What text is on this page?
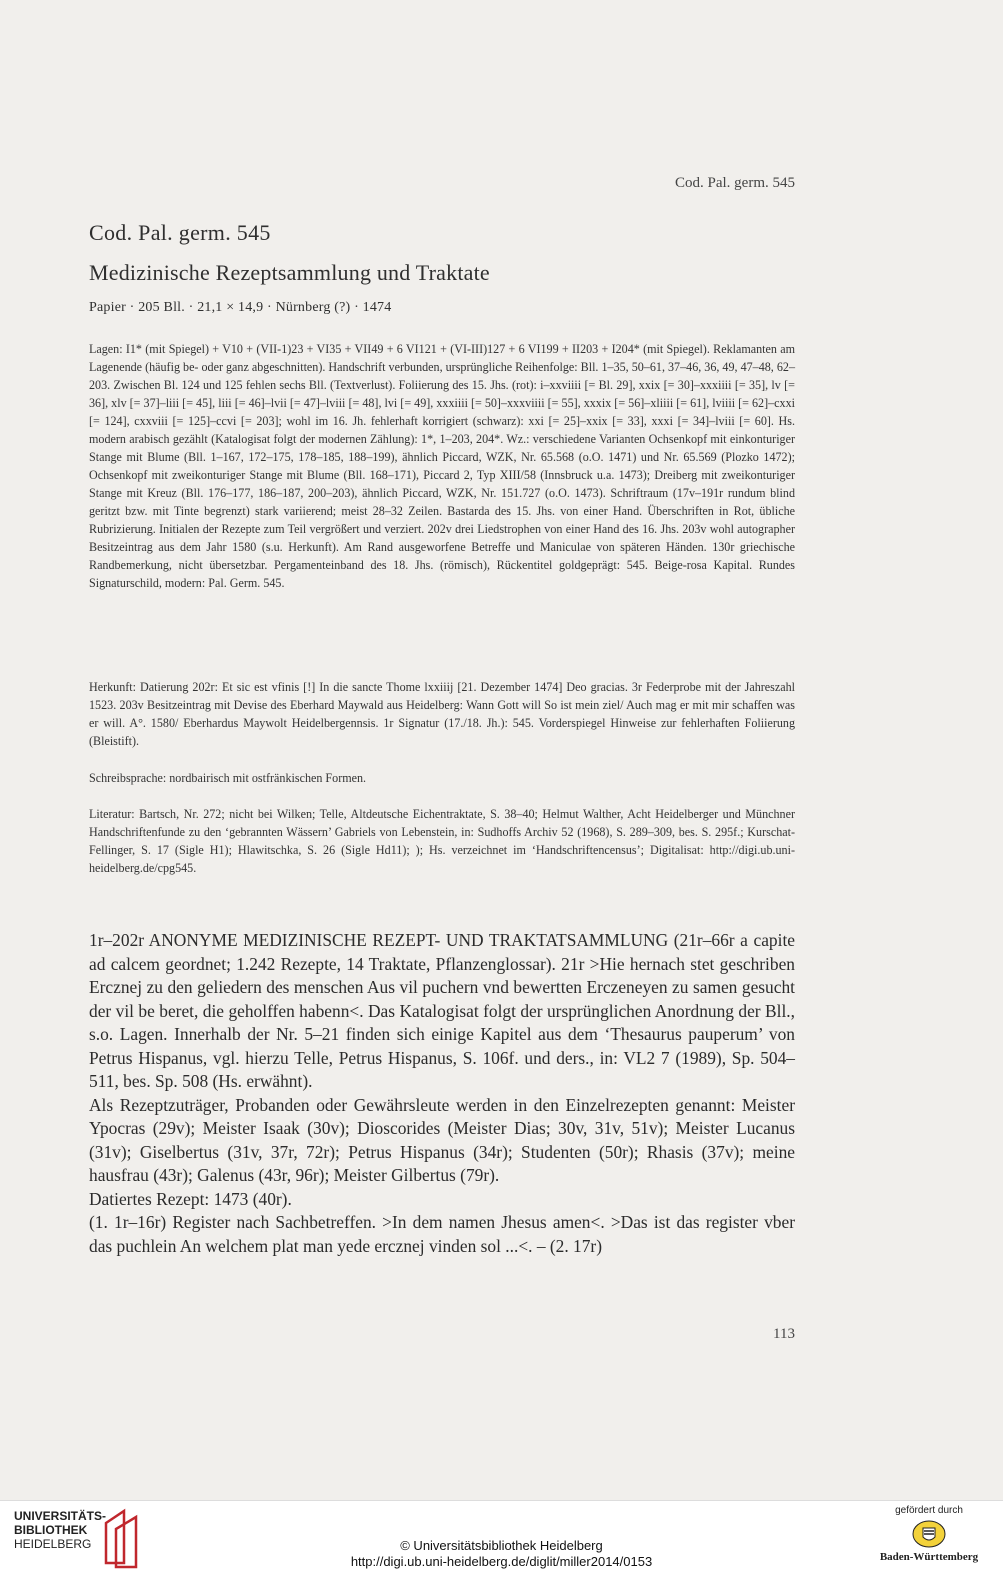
Cod. Pal. germ. 545
Cod. Pal. germ. 545
Medizinische Rezeptsammlung und Traktate
Papier · 205 Bll. · 21,1 × 14,9 · Nürnberg (?) · 1474
Lagen: I1* (mit Spiegel) + V10 + (VII-1)23 + VI35 + VII49 + 6 VI121 + (VI-III)127 + 6 VI199 + II203 + I204* (mit Spiegel). Reklamanten am Lagenende (häufig be- oder ganz abgeschnitten). Handschrift verbunden, ursprüngliche Reihenfolge: Bll. 1–35, 50–61, 37–46, 36, 49, 47–48, 62–203. Zwischen Bl. 124 und 125 fehlen sechs Bll. (Textverlust). Foliierung des 15. Jhs. (rot): i–xxviiii [= Bl. 29], xxix [= 30]–xxxiiii [= 35], lv [= 36], xlv [= 37]–liii [= 45], liii [= 46]–lvii [= 47]–lviii [= 48], lvi [= 49], xxxiiii [= 50]–xxxviiii [= 55], xxxix [= 56]–xliiii [= 61], lviiii [= 62]–cxxi [= 124], cxxviii [= 125]–ccvi [= 203]; wohl im 16. Jh. fehlerhaft korrigiert (schwarz): xxi [= 25]–xxix [= 33], xxxi [= 34]–lviii [= 60]. Hs. modern arabisch gezählt (Katalogisat folgt der modernen Zählung): 1*, 1–203, 204*. Wz.: verschiedene Varianten Ochsenkopf mit einkonturiger Stange mit Blume (Bll. 1–167, 172–175, 178–185, 188–199), ähnlich Piccard, WZK, Nr. 65.568 (o.O. 1471) und Nr. 65.569 (Plozko 1472); Ochsenkopf mit zweikonturiger Stange mit Blume (Bll. 168–171), Piccard 2, Typ XIII/58 (Innsbruck u.a. 1473); Dreiberg mit zweikonturiger Stange mit Kreuz (Bll. 176–177, 186–187, 200–203), ähnlich Piccard, WZK, Nr. 151.727 (o.O. 1473). Schriftraum (17v–191r rundum blind geritzt bzw. mit Tinte begrenzt) stark variierend; meist 28–32 Zeilen. Bastarda des 15. Jhs. von einer Hand. Überschriften in Rot, übliche Rubrizierung. Initialen der Rezepte zum Teil vergrößert und verziert. 202v drei Liedstrophen von einer Hand des 16. Jhs. 203v wohl autographer Besitzeintrag aus dem Jahr 1580 (s.u. Herkunft). Am Rand ausgeworfene Betreffe und Maniculae von späteren Händen. 130r griechische Randbemerkung, nicht übersetzbar. Pergamenteinband des 18. Jhs. (römisch), Rückentitel goldgeprägt: 545. Beige-rosa Kapital. Rundes Signaturschild, modern: Pal. Germ. 545.
Herkunft: Datierung 202r: Et sic est vfinis [!] In die sancte Thome lxxiiij [21. Dezember 1474] Deo gracias. 3r Federprobe mit der Jahreszahl 1523. 203v Besitzeintrag mit Devise des Eberhard Maywald aus Heidelberg: Wann Gott will So ist mein ziel/ Auch mag er mit mir schaffen was er will. A°. 1580/ Eberhardus Maywolt Heidelbergennsis. 1r Signatur (17./18. Jh.): 545. Vorderspiegel Hinweise zur fehlerhaften Foliierung (Bleistift).
Schreibsprache: nordbairisch mit ostfränkischen Formen.
Literatur: Bartsch, Nr. 272; nicht bei Wilken; Telle, Altdeutsche Eichentraktate, S. 38–40; Helmut Walther, Acht Heidelberger und Münchner Handschriftenfunde zu den ‘gebrannten Wässern’ Gabriels von Lebenstein, in: Sudhoffs Archiv 52 (1968), S. 289–309, bes. S. 295f.; Kurschat-Fellinger, S. 17 (Sigle H1); Hlawitschka, S. 26 (Sigle Hd11); ); Hs. verzeichnet im ‘Handschriftencensus’; Digitalisat: http://digi.ub.uni-heidelberg.de/cpg545.

1r–202r ANONYME MEDIZINISCHE REZEPT- UND TRAKTATSAMMLUNG (21r–66r a capite ad calcem geordnet; 1.242 Rezepte, 14 Traktate, Pflanzenglossar). 21r >Hie hernach stet geschriben Ercznej zu den geliedern des menschen Aus vil puchern vnd bewertten Erczeneyen zu samen gesucht der vil be beret, die geholffen habenn<. Das Katalogisat folgt der ursprünglichen Anordnung der Bll., s.o. Lagen. Innerhalb der Nr. 5–21 finden sich einige Kapitel aus dem ‘Thesaurus pauperum’ von Petrus Hispanus, vgl. hierzu Telle, Petrus Hispanus, S. 106f. und ders., in: VL2 7 (1989), Sp. 504–511, bes. Sp. 508 (Hs. erwähnt).

Als Rezeptzuträger, Probanden oder Gewährsleute werden in den Einzelrezepten genannt: Meister Ypocras (29v); Meister Isaak (30v); Dioscorides (Meister Dias; 30v, 31v, 51v); Meister Lucanus (31v); Giselbertus (31v, 37r, 72r); Petrus Hispanus (34r); Studenten (50r); Rhasis (37v); meine hausfrau (43r); Galenus (43r, 96r); Meister Gilbertus (79r).

Datiertes Rezept: 1473 (40r).

(1. 1r–16r) Register nach Sachbetreffen. >In dem namen Jhesus amen<. >Das ist das register vber das puchlein An welchem plat man yede ercznej vinden sol ...<. – (2. 17r)

113
UNIVERSITÄTS-
BIBLIOTHEK
HEIDELBERG	© Universitätsbibliothek Heidelberg
http://digi.ub.uni-heidelberg.de/diglit/miller2014/0153
gefördert durch
Baden-Württemberg
